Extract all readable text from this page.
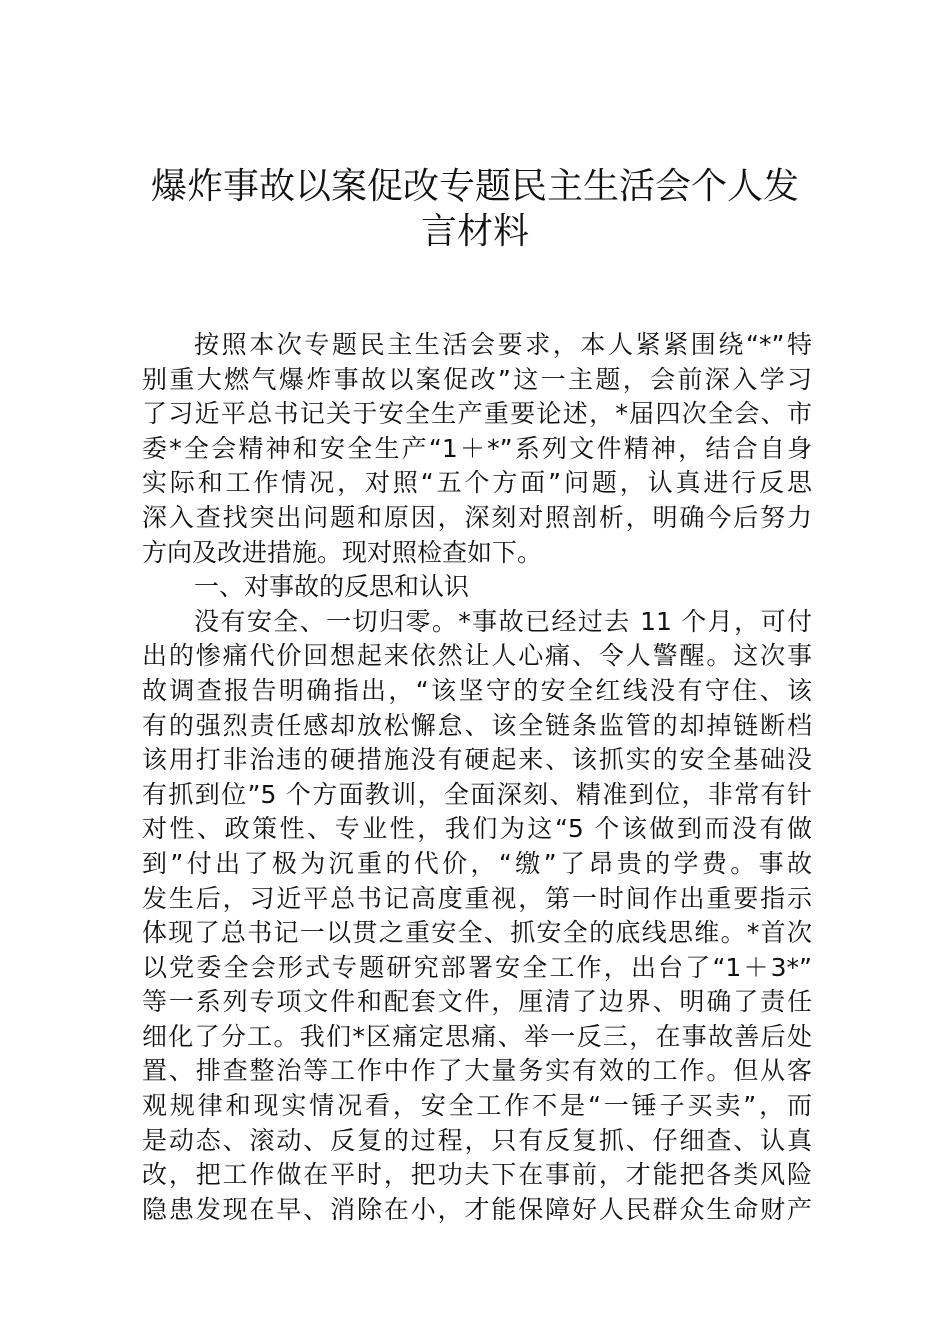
爆炸事故以案促改专题民主生活会个人发
言材料
按照本次专题民主生活会要求，本人紧紧围绕“*”特
别重大燃气爆炸事故以案促改”这一主题，会前深入学习
了习近平总书记关于安全生产重要论述，*届四次全会、市
委*全会精神和安全生产“1＋*”系列文件精神，结合自身
实际和工作情况，对照“五个方面”问题，认真进行反思
深入查找突出问题和原因，深刻对照剖析，明确今后努力
方向及改进措施。现对照检查如下。
一、对事故的反思和认识
没有安全、一切归零。*事故已经过去 11 个月，可付
出的惨痛代价回想起来依然让人心痛、令人警醒。这次事
故调查报告明确指出，“该坚守的安全红线没有守住、该
有的强烈责任感却放松懈怠、该全链条监管的却掉链断档
该用打非治违的硬措施没有硬起来、该抓实的安全基础没
有抓到位”5 个方面教训，全面深刻、精准到位，非常有针
对性、政策性、专业性，我们为这“5 个该做到而没有做
到”付出了极为沉重的代价，“缴”了昂贵的学费。事故
发生后，习近平总书记高度重视，第一时间作出重要指示
体现了总书记一以贯之重安全、抓安全的底线思维。*首次
以党委全会形式专题研究部署安全工作，出台了“1＋3*”
等一系列专项文件和配套文件，厘清了边界、明确了责任
细化了分工。我们*区痛定思痛、举一反三，在事故善后处
置、排查整治等工作中作了大量务实有效的工作。但从客
观规律和现实情况看，安全工作不是“一锤子买卖”，而
是动态、滚动、反复的过程，只有反复抓、仔细查、认真
改，把工作做在平时，把功夫下在事前，才能把各类风险
隐患发现在早、消除在小，才能保障好人民群众生命财产
